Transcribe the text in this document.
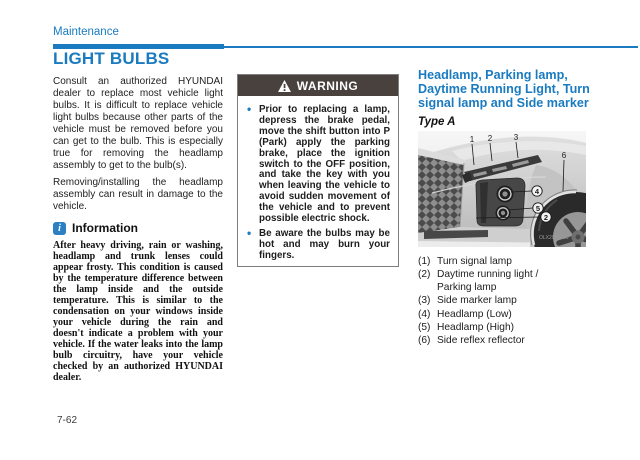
Maintenance
LIGHT BULBS

Consult an authorized HYUNDAI dealer to replace most vehicle light bulbs. It is difficult to replace vehicle light bulbs because other parts of the vehicle must be removed before you can get to the bulb. This is especially true for removing the headlamp assembly to get to the bulb(s).

Removing/installing the headlamp assembly can result in damage to the vehicle.

i Information

After heavy driving, rain or washing, headlamp and trunk lenses could appear frosty. This condition is caused by the temperature difference between the lamp inside and the outside temperature. This is similar to the condensation on your windows inside your vehicle during the rain and doesn't indicate a problem with your vehicle. If the water leaks into the lamp bulb circuitry, have your vehicle checked by an authorized HYUNDAI dealer.

WARNING
• Prior to replacing a lamp, depress the brake pedal, move the shift button into P (Park) apply the parking brake, place the ignition switch to the OFF position, and take the key with you when leaving the vehicle to avoid sudden movement of the vehicle and to prevent possible electric shock.
• Be aware the bulbs may be hot and may burn your fingers.
Headlamp, Parking lamp, Daytime Running Light, Turn signal lamp and Side marker
Type A
1 2	3
6
4
5
2
OLX2073003
(1) Turn signal lamp
(2) Daytime running light / Parking lamp
(3) Side marker lamp
(4) Headlamp (Low)
(5) Headlamp (High)
(6) Side reflex reflector
7-62
